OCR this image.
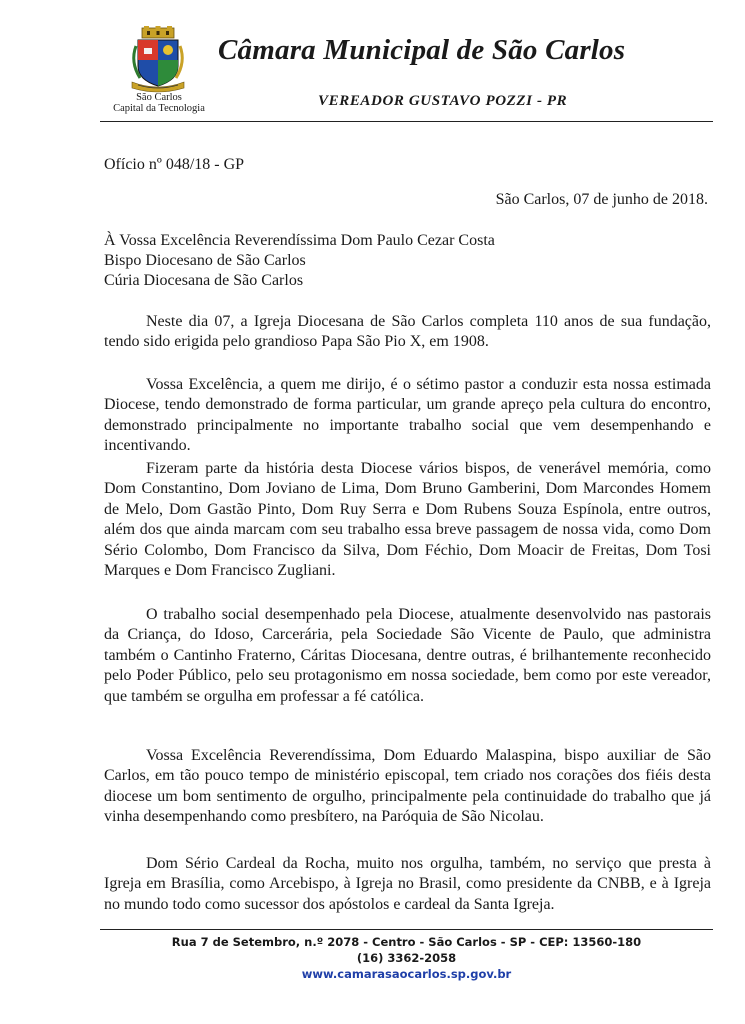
São Carlos
Capital da Tecnologia
Câmara Municipal de São Carlos
VEREADOR GUSTAVO POZZI - PR
Ofício nº 048/18 - GP
São Carlos, 07 de junho de 2018.
À Vossa Excelência Reverendíssima Dom Paulo Cezar Costa
Bispo Diocesano de São Carlos
Cúria Diocesana de São Carlos
Neste dia 07, a Igreja Diocesana de São Carlos completa 110 anos de sua fundação, tendo sido erigida pelo grandioso Papa São Pio X, em 1908.
Vossa Excelência, a quem me dirijo, é o sétimo pastor a conduzir esta nossa estimada Diocese, tendo demonstrado de forma particular, um grande apreço pela cultura do encontro, demonstrado principalmente no importante trabalho social que vem desempenhando e incentivando.
Fizeram parte da história desta Diocese vários bispos, de venerável memória, como Dom Constantino, Dom Joviano de Lima, Dom Bruno Gamberini, Dom Marcondes Homem de Melo, Dom Gastão Pinto, Dom Ruy Serra e Dom Rubens Souza Espínola, entre outros, além dos que ainda marcam com seu trabalho essa breve passagem de nossa vida, como Dom Sério Colombo, Dom Francisco da Silva, Dom Féchio, Dom Moacir de Freitas, Dom Tosi Marques e Dom Francisco Zugliani.
O trabalho social desempenhado pela Diocese, atualmente desenvolvido nas pastorais da Criança, do Idoso, Carcerária, pela Sociedade São Vicente de Paulo, que administra também o Cantinho Fraterno, Cáritas Diocesana, dentre outras, é brilhantemente reconhecido pelo Poder Público, pelo seu protagonismo em nossa sociedade, bem como por este vereador, que também se orgulha em professar a fé católica.
Vossa Excelência Reverendíssima, Dom Eduardo Malaspina, bispo auxiliar de São Carlos, em tão pouco tempo de ministério episcopal, tem criado nos corações dos fiéis desta diocese um bom sentimento de orgulho, principalmente pela continuidade do trabalho que já vinha desempenhando como presbítero, na Paróquia de São Nicolau.
Dom Sério Cardeal da Rocha, muito nos orgulha, também, no serviço que presta à Igreja em Brasília, como Arcebispo, à Igreja no Brasil, como presidente da CNBB, e à Igreja no mundo todo como sucessor dos apóstolos e cardeal da Santa Igreja.
Rua 7 de Setembro, n.º 2078 - Centro - São Carlos - SP - CEP: 13560-180
(16) 3362-2058
www.camarasaocarlos.sp.gov.br
